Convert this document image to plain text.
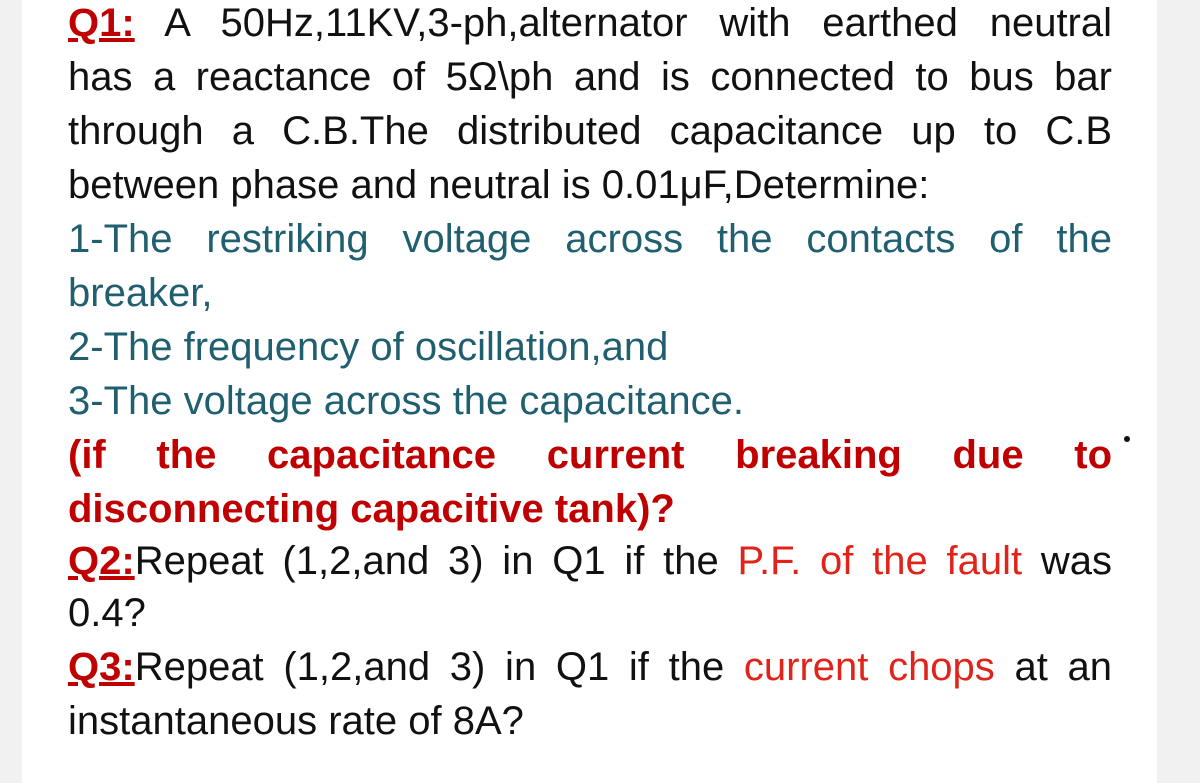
Q1: A 50Hz,11KV,3-ph,alternator with earthed neutral
has a reactance of 5Ω\ph and is connected to bus bar
through a C.B.The distributed capacitance up to C.B
between phase and neutral is 0.01μF,Determine:
1-The restriking voltage across the contacts of the
breaker,
2-The frequency of oscillation,and
3-The voltage across the capacitance.
(if the capacitance current breaking due to
disconnecting capacitive tank)?
Q2:Repeat (1,2,and 3) in Q1 if the P.F. of the fault was
0.4?
Q3:Repeat (1,2,and 3) in Q1 if the current chops at an
instantaneous rate of 8A?
